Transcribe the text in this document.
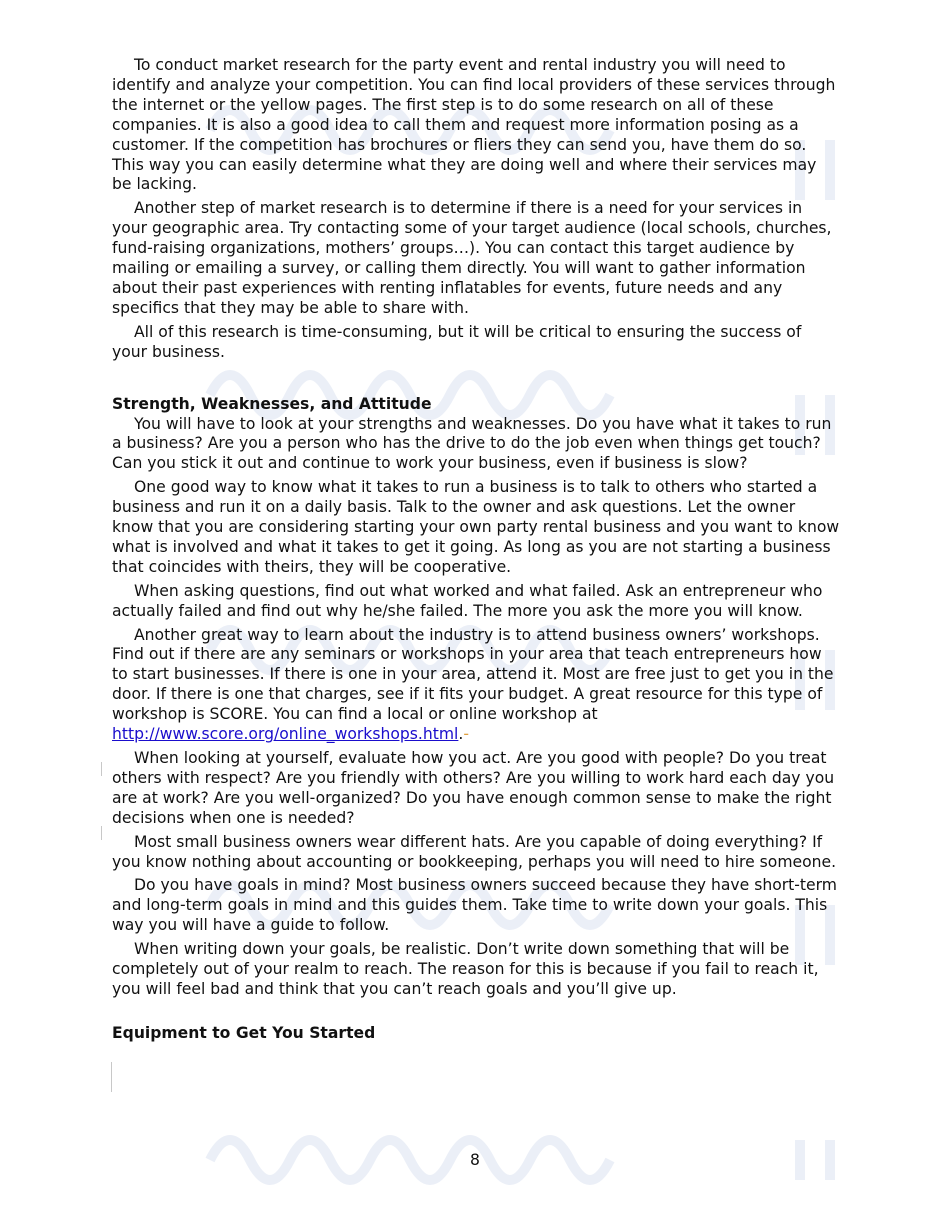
To conduct market research for the party event and rental industry you will need to identify and analyze your competition. You can find local providers of these services through the internet or the yellow pages. The first step is to do some research on all of these companies. It is also a good idea to call them and request more information posing as a customer. If the competition has brochures or fliers they can send you, have them do so. This way you can easily determine what they are doing well and where their services may be lacking.

Another step of market research is to determine if there is a need for your services in your geographic area. Try contacting some of your target audience (local schools, churches, fund-raising organizations, mothers’ groups…). You can contact this target audience by mailing or emailing a survey, or calling them directly. You will want to gather information about their past experiences with renting inflatables for events, future needs and any specifics that they may be able to share with.

All of this research is time-consuming, but it will be critical to ensuring the success of your business.

Strength, Weaknesses, and Attitude

You will have to look at your strengths and weaknesses. Do you have what it takes to run a business? Are you a person who has the drive to do the job even when things get touch? Can you stick it out and continue to work your business, even if business is slow?

One good way to know what it takes to run a business is to talk to others who started a business and run it on a daily basis. Talk to the owner and ask questions. Let the owner know that you are considering starting your own party rental business and you want to know what is involved and what it takes to get it going. As long as you are not starting a business that coincides with theirs, they will be cooperative.

When asking questions, find out what worked and what failed. Ask an entrepreneur who actually failed and find out why he/she failed. The more you ask the more you will know.

Another great way to learn about the industry is to attend business owners’ workshops. Find out if there are any seminars or workshops in your area that teach entrepreneurs how to start businesses. If there is one in your area, attend it. Most are free just to get you in the door. If there is one that charges, see if it fits your budget. A great resource for this type of workshop is SCORE. You can find a local or online workshop at http://www.score.org/online_workshops.html.-

When looking at yourself, evaluate how you act. Are you good with people? Do you treat others with respect? Are you friendly with others? Are you willing to work hard each day you are at work? Are you well-organized? Do you have enough common sense to make the right decisions when one is needed?

Most small business owners wear different hats. Are you capable of doing everything? If you know nothing about accounting or bookkeeping, perhaps you will need to hire someone.

Do you have goals in mind? Most business owners succeed because they have short-term and long-term goals in mind and this guides them. Take time to write down your goals. This way you will have a guide to follow.

When writing down your goals, be realistic. Don’t write down something that will be completely out of your realm to reach. The reason for this is because if you fail to reach it, you will feel bad and think that you can’t reach goals and you’ll give up.

Equipment to Get You Started
8
